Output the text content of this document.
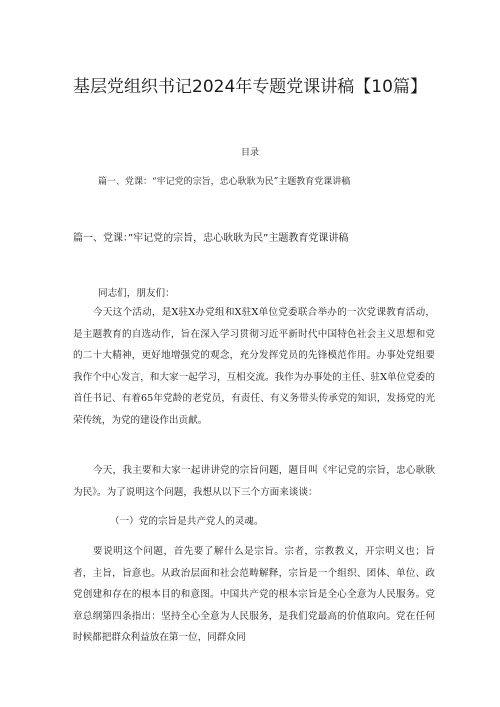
基层党组织书记2024年专题党课讲稿【10篇】

目录

篇一、党课：“牢记党的宗旨，忠心耿耿为民”主题教育党课讲稿

篇一、党课：”牢记党的宗旨，忠心耿耿为民”主题教育党课讲稿

同志们，朋友们：

今天这个活动，是X驻X办党组和X驻X单位党委联合举办的一次党课教育活动，是主题教育的自选动作，旨在深入学习贯彻习近平新时代中国特色社会主义思想和党的二十大精神，更好地增强党的观念，充分发挥党员的先锋模范作用。办事处党组要我作个中心发言，和大家一起学习，互相交流。我作为办事处的主任、驻X单位党委的首任书记、有着65年党龄的老党员，有责任、有义务带头传承党的知识，发扬党的光荣传统，为党的建设作出贡献。

今天，我主要和大家一起讲讲党的宗旨问题，题目叫《牢记党的宗旨，忠心耿耿为民》。为了说明这个问题，我想从以下三个方面来谈谈：

（一）党的宗旨是共产党人的灵魂。

要说明这个问题，首先要了解什么是宗旨。宗者，宗教教义，开宗明义也；旨者，主旨，旨意也。从政治层面和社会范畴解释，宗旨是一个组织、团体、单位、政党创建和存在的根本目的和意图。中国共产党的根本宗旨是全心全意为人民服务。党章总纲第四条指出：坚持全心全意为人民服务，是我们党最高的价值取向。党在任何时候都把群众利益放在第一位，同群众同
